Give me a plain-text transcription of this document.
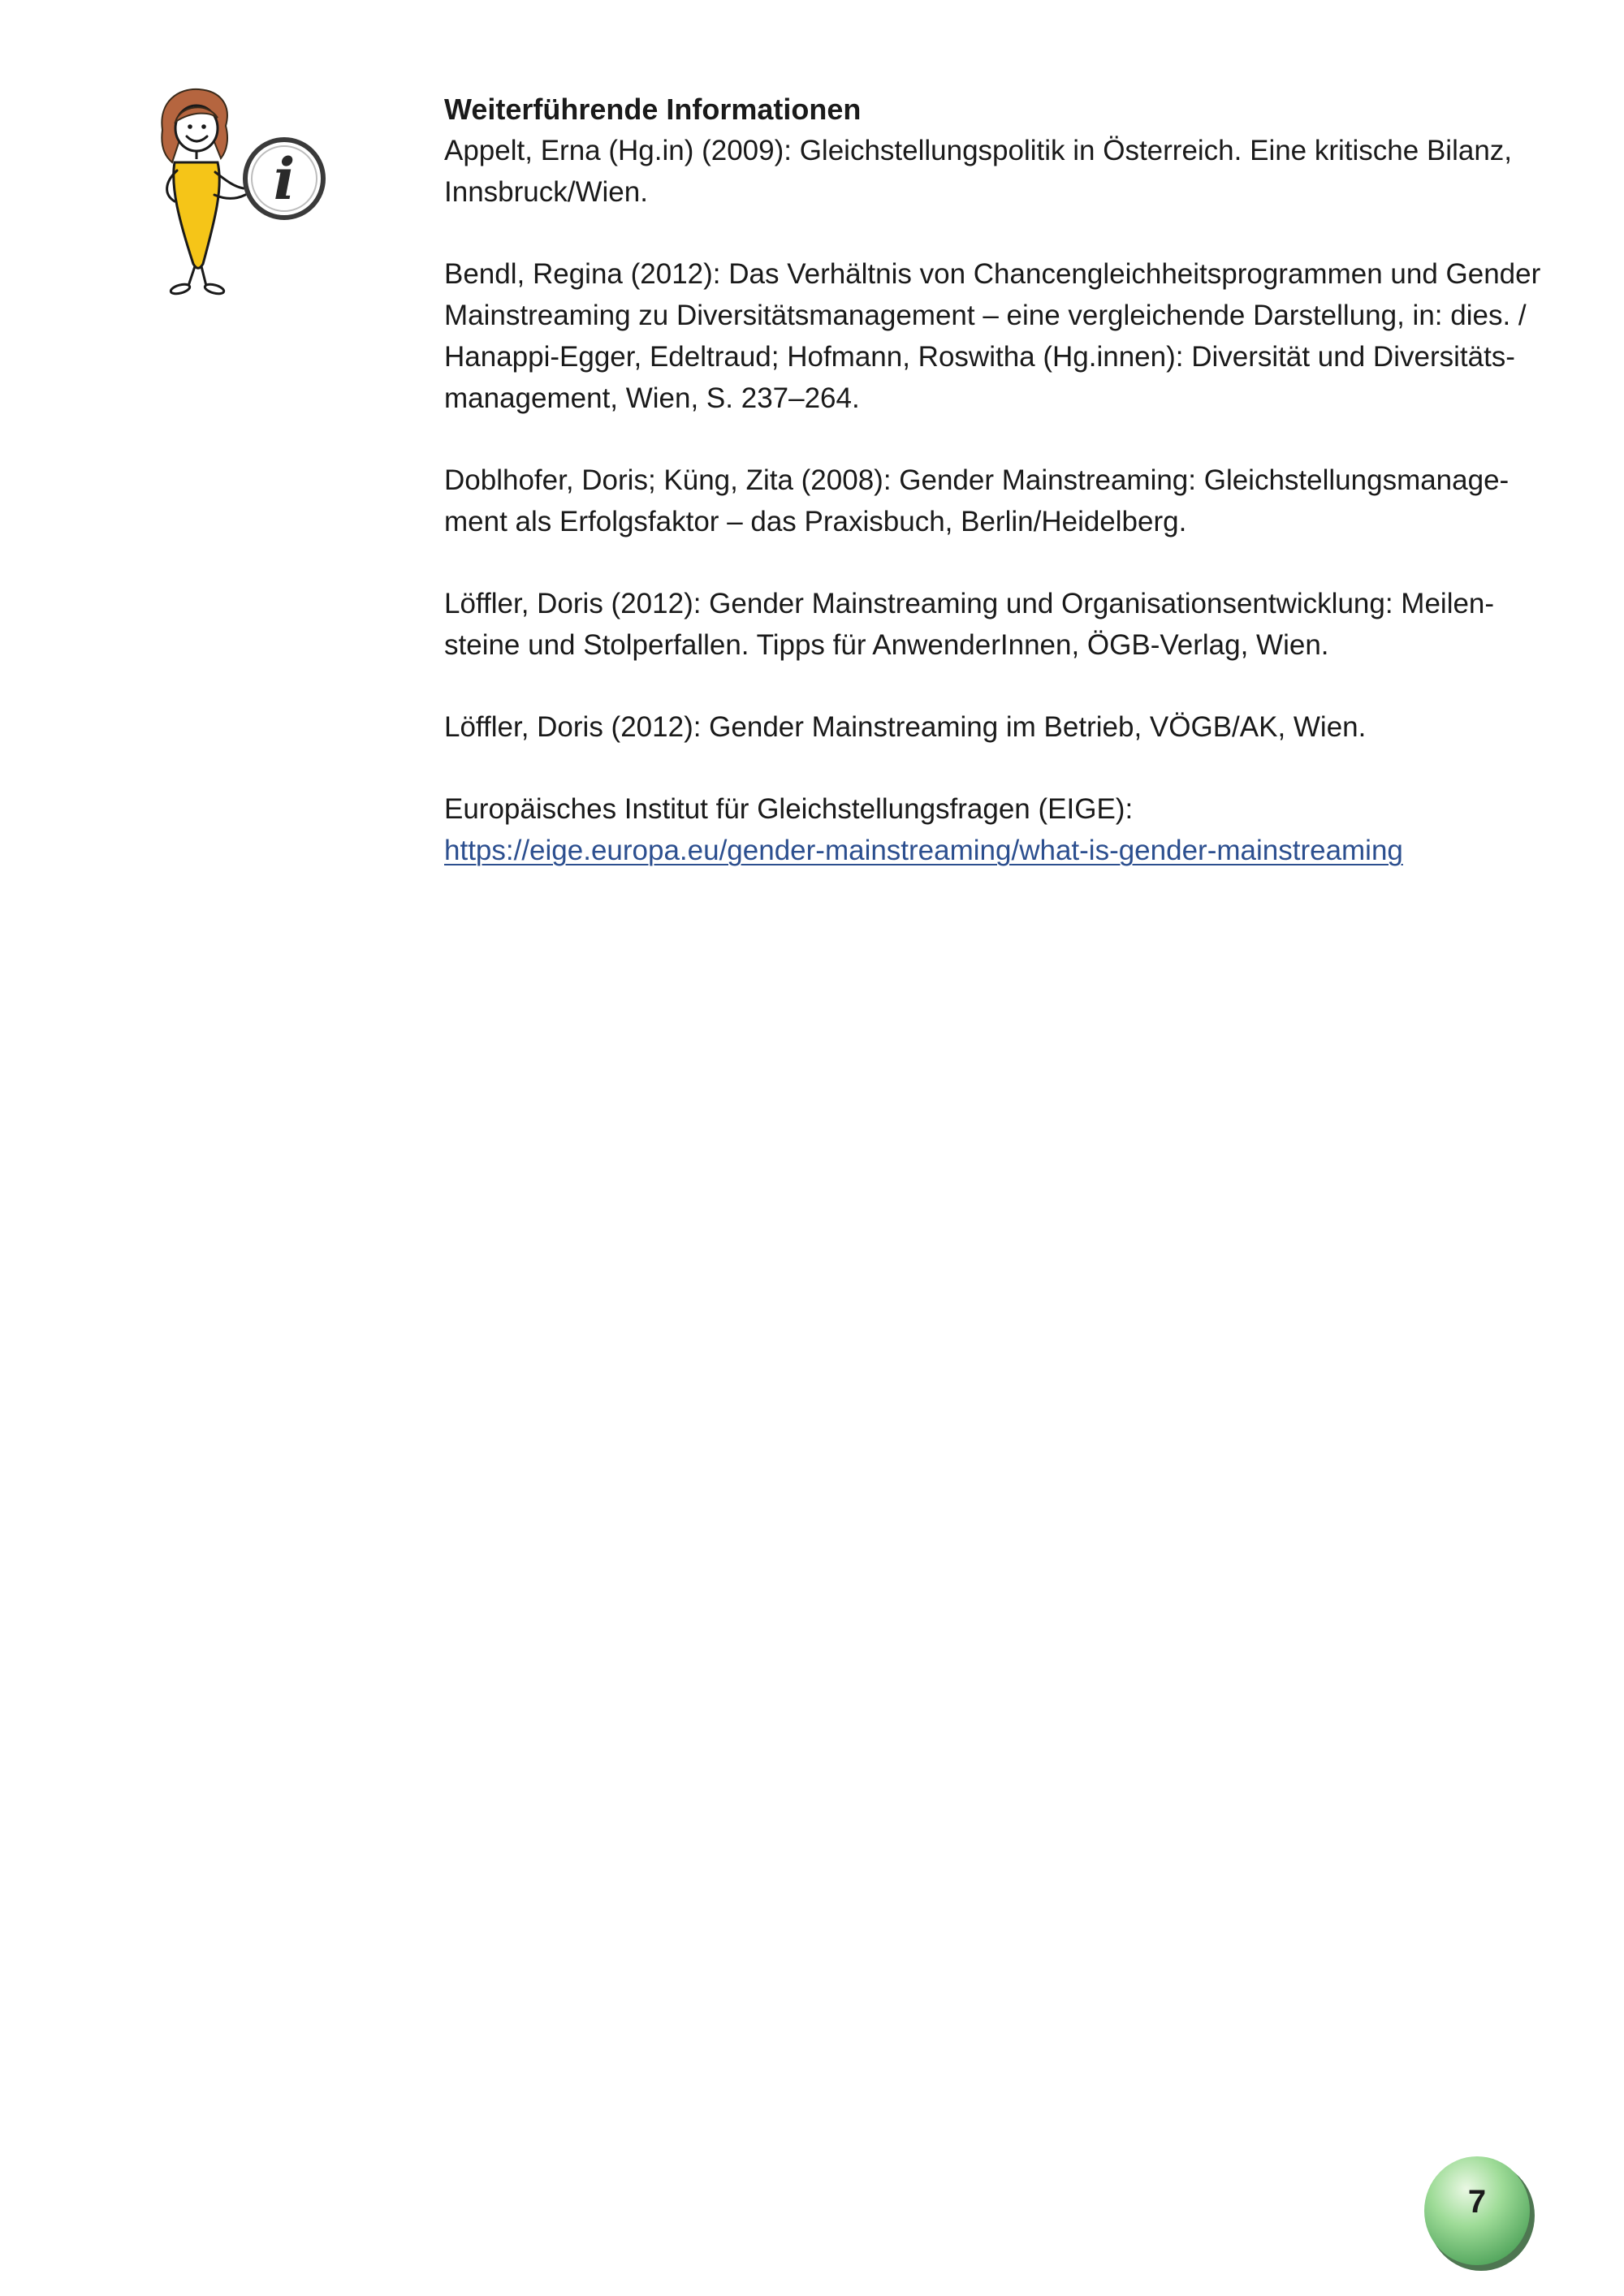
i
Weiterführende Informationen

Appelt, Erna (Hg.in) (2009): Gleichstellungspolitik in Österreich. Eine kritische Bilanz,
Innsbruck/Wien.

Bendl, Regina (2012): Das Verhältnis von Chancengleichheitsprogrammen und Gender
Mainstreaming zu Diversitätsmanagement – eine vergleichende Darstellung, in: dies. /
Hanappi-Egger, Edeltraud; Hofmann, Roswitha (Hg.innen): Diversität und Diversitäts-
management, Wien, S. 237–264.

Doblhofer, Doris; Küng, Zita (2008): Gender Mainstreaming: Gleichstellungsmanage-
ment als Erfolgsfaktor – das Praxisbuch, Berlin/Heidelberg.

Löffler, Doris (2012): Gender Mainstreaming und Organisationsentwicklung: Meilen-
steine und Stolperfallen. Tipps für AnwenderInnen, ÖGB-Verlag, Wien.

Löffler, Doris (2012): Gender Mainstreaming im Betrieb, VÖGB/AK, Wien.

Europäisches Institut für Gleichstellungsfragen (EIGE):
https://eige.europa.eu/gender-mainstreaming/what-is-gender-mainstreaming

7
